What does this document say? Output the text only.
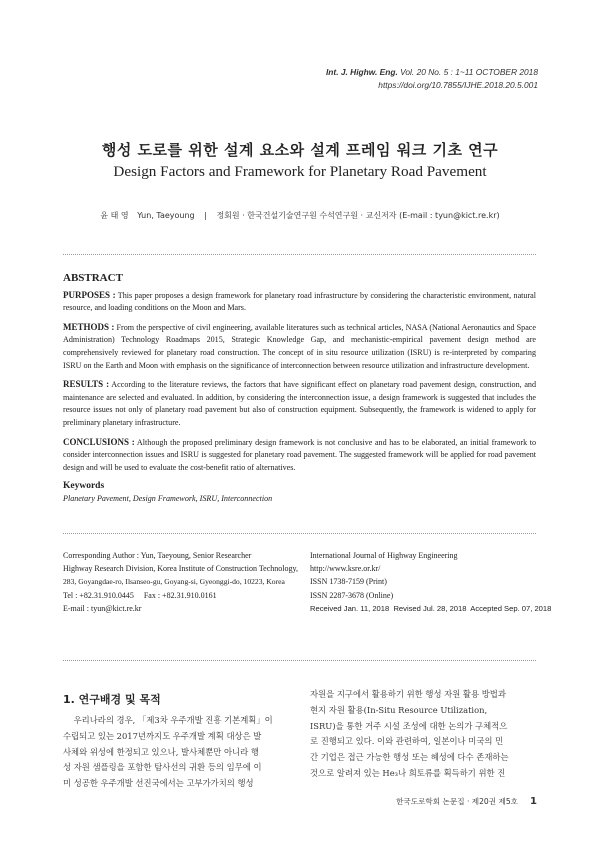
Int. J. Highw. Eng. Vol. 20 No. 5 : 1~11 OCTOBER 2018
https://doi.org/10.7855/IJHE.2018.20.5.001
행성 도로를 위한 설계 요소와 설계 프레임 워크 기초 연구
Design Factors and Framework for Planetary Road Pavement
윤 태 영 Yun, Taeyoung | 정회원 · 한국건설기술연구원 수석연구원 · 교신저자 (E-mail : tyun@kict.re.kr)
ABSTRACT

PURPOSES : This paper proposes a design framework for planetary road infrastructure by considering the characteristic environment, natural resource, and loading conditions on the Moon and Mars.

METHODS : From the perspective of civil engineering, available literatures such as technical articles, NASA (National Aeronautics and Space Administration) Technology Roadmaps 2015, Strategic Knowledge Gap, and mechanistic-empirical pavement design method are comprehensively reviewed for planetary road construction. The concept of in situ resource utilization (ISRU) is re-interpreted by comparing ISRU on the Earth and Moon with emphasis on the significance of interconnection between resource utilization and infrastructure development.

RESULTS : According to the literature reviews, the factors that have significant effect on planetary road pavement design, construction, and maintenance are selected and evaluated. In addition, by considering the interconnection issue, a design framework is suggested that includes the resource issues not only of planetary road pavement but also of construction equipment. Subsequently, the framework is widened to apply for preliminary planetary infrastructure.

CONCLUSIONS : Although the proposed preliminary design framework is not conclusive and has to be elaborated, an initial framework to consider interconnection issues and ISRU is suggested for planetary road pavement. The suggested framework will be applied for road pavement design and will be used to evaluate the cost-benefit ratio of alternatives.

Keywords
Planetary Pavement, Design Framework, ISRU, Interconnection
Corresponding Author : Yun, Taeyoung, Senior Researcher
Highway Research Division, Korea Institute of Construction Technology,
283, Goyangdae-ro, Ilsanseo-gu, Goyang-si, Gyeonggi-do, 10223, Korea
Tel : +82.31.910.0445     Fax : +82.31.910.0161
E-mail : tyun@kict.re.kr
International Journal of Highway Engineering
http://www.ksre.or.kr/
ISSN 1738-7159 (Print)
ISSN 2287-3678 (Online)
Received Jan. 11, 2018  Revised Jul. 28, 2018  Accepted Sep. 07, 2018
1. 연구배경 및 목적
우리나라의 경우, 「제3차 우주개발 진흥 기본계획」이
수립되고 있는 2017년까지도 우주개발 계획 대상은 발
사체와 위성에 한정되고 있으나, 발사체뿐만 아니라 행
성 자원 샘플링을 포함한 탐사선의 귀환 등의 임무에 이
미 성공한 우주개발 선진국에서는 고부가가치의 행성
자원을 지구에서 활용하기 위한 행성 자원 활용 방법과
현지 자원 활용(In-Situ Resource Utilization,
ISRU)을 통한 거주 시설 조성에 대한 논의가 구체적으
로 진행되고 있다. 이와 관련하여, 일본이나 미국의 민
간 기업은 접근 가능한 행성 또는 혜성에 다수 존재하는
것으로 알려져 있는 He₃나 희토류를 획득하기 위한 진
한국도로학회 논문집 · 제20권 제5호 1
